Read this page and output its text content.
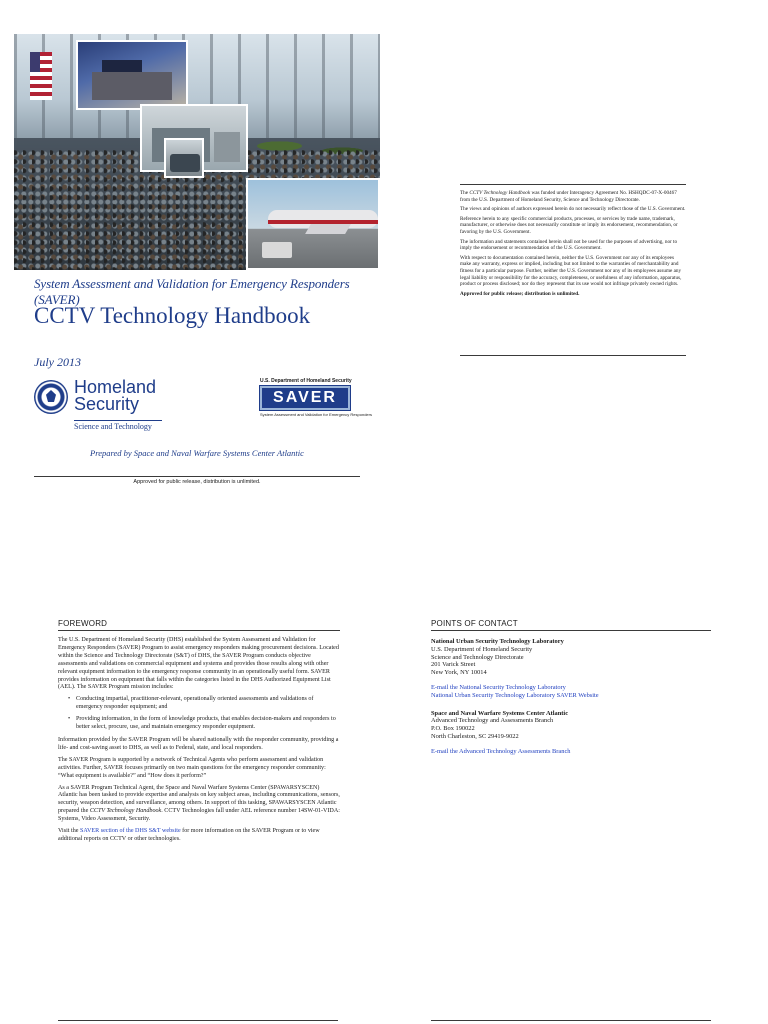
System Assessment and Validation for Emergency Responders (SAVER)
CCTV Technology Handbook
July 2013
Homeland
Security
Science and Technology
U.S. Department of Homeland Security
SAVER
System Assessment and Validation for Emergency Responders
Prepared by Space and Naval Warfare Systems Center Atlantic
Approved for public release, distribution is unlimited.

The CCTV Technology Handbook was funded under Interagency Agreement No. HSHQDC-07-X-00467 from the U.S. Department of Homeland Security, Science and Technology Directorate.

The views and opinions of authors expressed herein do not necessarily reflect those of the U.S. Government.

Reference herein to any specific commercial products, processes, or services by trade name, trademark, manufacturer, or otherwise does not necessarily constitute or imply its endorsement, recommendation, or favoring by the U.S. Government.

The information and statements contained herein shall not be used for the purposes of advertising, nor to imply the endorsement or recommendation of the U.S. Government.

With respect to documentation contained herein, neither the U.S. Government nor any of its employees make any warranty, express or implied, including but not limited to the warranties of merchantability and fitness for a particular purpose. Further, neither the U.S. Government nor any of its employees assume any legal liability or responsibility for the accuracy, completeness, or usefulness of any information, apparatus, product or process disclosed; nor do they represent that its use would not infringe privately owned rights.

Approved for public release; distribution is unlimited.

FOREWORD

The U.S. Department of Homeland Security (DHS) established the System Assessment and Validation for Emergency Responders (SAVER) Program to assist emergency responders making procurement decisions. Located within the Science and Technology Directorate (S&T) of DHS, the SAVER Program conducts objective assessments and validations on commercial equipment and systems and provides those results along with other relevant equipment information to the emergency response community in an operationally useful form. SAVER provides information on equipment that falls within the categories listed in the DHS Authorized Equipment List (AEL). The SAVER Program mission includes:

• Conducting impartial, practitioner-relevant, operationally oriented assessments and validations of emergency responder equipment; and
• Providing information, in the form of knowledge products, that enables decision-makers and responders to better select, procure, use, and maintain emergency responder equipment.

Information provided by the SAVER Program will be shared nationally with the responder community, providing a life- and cost-saving asset to DHS, as well as to Federal, state, and local responders.

The SAVER Program is supported by a network of Technical Agents who perform assessment and validation activities. Further, SAVER focuses primarily on two main questions for the emergency responder community: “What equipment is available?” and “How does it perform?”

As a SAVER Program Technical Agent, the Space and Naval Warfare Systems Center (SPAWARSYSCEN) Atlantic has been tasked to provide expertise and analysis on key subject areas, including communications, sensors, security, weapon detection, and surveillance, among others. In support of this tasking, SPAWARSYSCEN Atlantic prepared the CCTV Technology Handbook. CCTV Technologies fall under AEL reference number 14SW-01-VIDA: Systems, Video Assessment, Security.

Visit the SAVER section of the DHS S&T website for more information on the SAVER Program or to view additional reports on CCTV or other technologies.

POINTS OF CONTACT
National Urban Security Technology Laboratory
U.S. Department of Homeland Security
Science and Technology Directorate
201 Varick Street
New York, NY 10014
E-mail the National Security Technology Laboratory
National Urban Security Technology Laboratory SAVER Website
Space and Naval Warfare Systems Center Atlantic
Advanced Technology and Assessments Branch
P.O. Box 190022
North Charleston, SC 29419-9022
E-mail the Advanced Technology Assessments Branch
